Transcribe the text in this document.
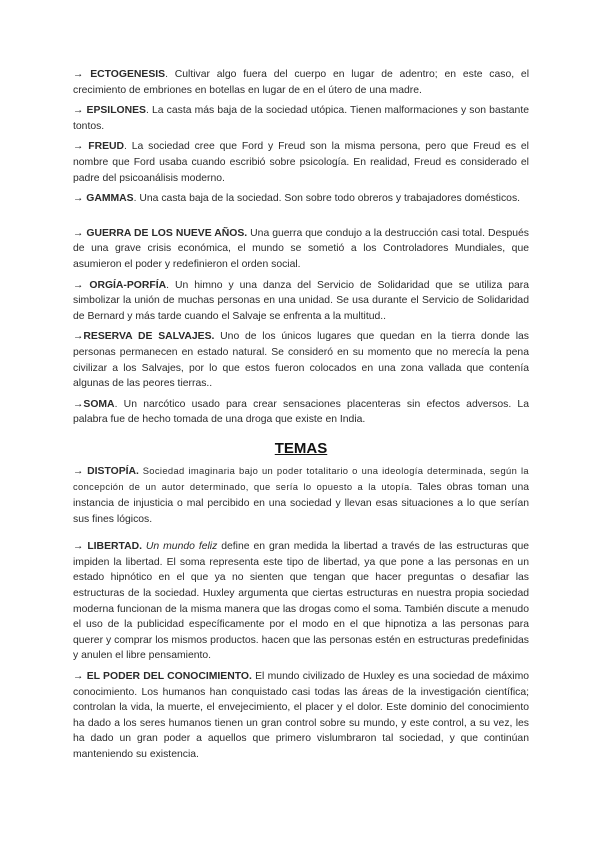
→ ECTOGENESIS. Cultivar algo fuera del cuerpo en lugar de adentro; en este caso, el crecimiento de embriones en botellas en lugar de en el útero de una madre.

→ EPSILONES. La casta más baja de la sociedad utópica. Tienen malformaciones y son bastante tontos.

→ FREUD. La sociedad cree que Ford y Freud son la misma persona, pero que Freud es el nombre que Ford usaba cuando escribió sobre psicología. En realidad, Freud es considerado el padre del psicoanálisis moderno.

→ GAMMAS. Una casta baja de la sociedad. Son sobre todo obreros y trabajadores domésticos.

→ GUERRA DE LOS NUEVE AÑOS. Una guerra que condujo a la destrucción casi total. Después de una grave crisis económica, el mundo se sometió a los Controladores Mundiales, que asumieron el poder y redefinieron el orden social.

→ ORGÍA-PORFÍA. Un himno y una danza del Servicio de Solidaridad que se utiliza para simbolizar la unión de muchas personas en una unidad. Se usa durante el Servicio de Solidaridad de Bernard y más tarde cuando el Salvaje se enfrenta a la multitud..

→RESERVA DE SALVAJES. Uno de los únicos lugares que quedan en la tierra donde las personas permanecen en estado natural. Se consideró en su momento que no merecía la pena civilizar a los Salvajes, por lo que estos fueron colocados en una zona vallada que contenía algunas de las peores tierras..

→SOMA. Un narcótico usado para crear sensaciones placenteras sin efectos adversos. La palabra fue de hecho tomada de una droga que existe en India.

TEMAS

→ DISTOPÍA. Sociedad imaginaria bajo un poder totalitario o una ideología determinada, según la concepción de un autor determinado, que sería lo opuesto a la utopía. Tales obras toman una instancia de injusticia o mal percibido en una sociedad y llevan esas situaciones a lo que serían sus fines lógicos.

→ LIBERTAD. Un mundo feliz define en gran medida la libertad a través de las estructuras que impiden la libertad. El soma representa este tipo de libertad, ya que pone a las personas en un estado hipnótico en el que ya no sienten que tengan que hacer preguntas o desafiar las estructuras de la sociedad. Huxley argumenta que ciertas estructuras en nuestra propia sociedad moderna funcionan de la misma manera que las drogas como el soma. También discute a menudo el uso de la publicidad específicamente por el modo en el que hipnotiza a las personas para querer y comprar los mismos productos. hacen que las personas estén en estructuras predefinidas y anulen el libre pensamiento.

→ EL PODER DEL CONOCIMIENTO. El mundo civilizado de Huxley es una sociedad de máximo conocimiento. Los humanos han conquistado casi todas las áreas de la investigación científica; controlan la vida, la muerte, el envejecimiento, el placer y el dolor. Este dominio del conocimiento ha dado a los seres humanos tienen un gran control sobre su mundo, y este control, a su vez, les ha dado un gran poder a aquellos que primero vislumbraron tal sociedad, y que continúan manteniendo su existencia.
